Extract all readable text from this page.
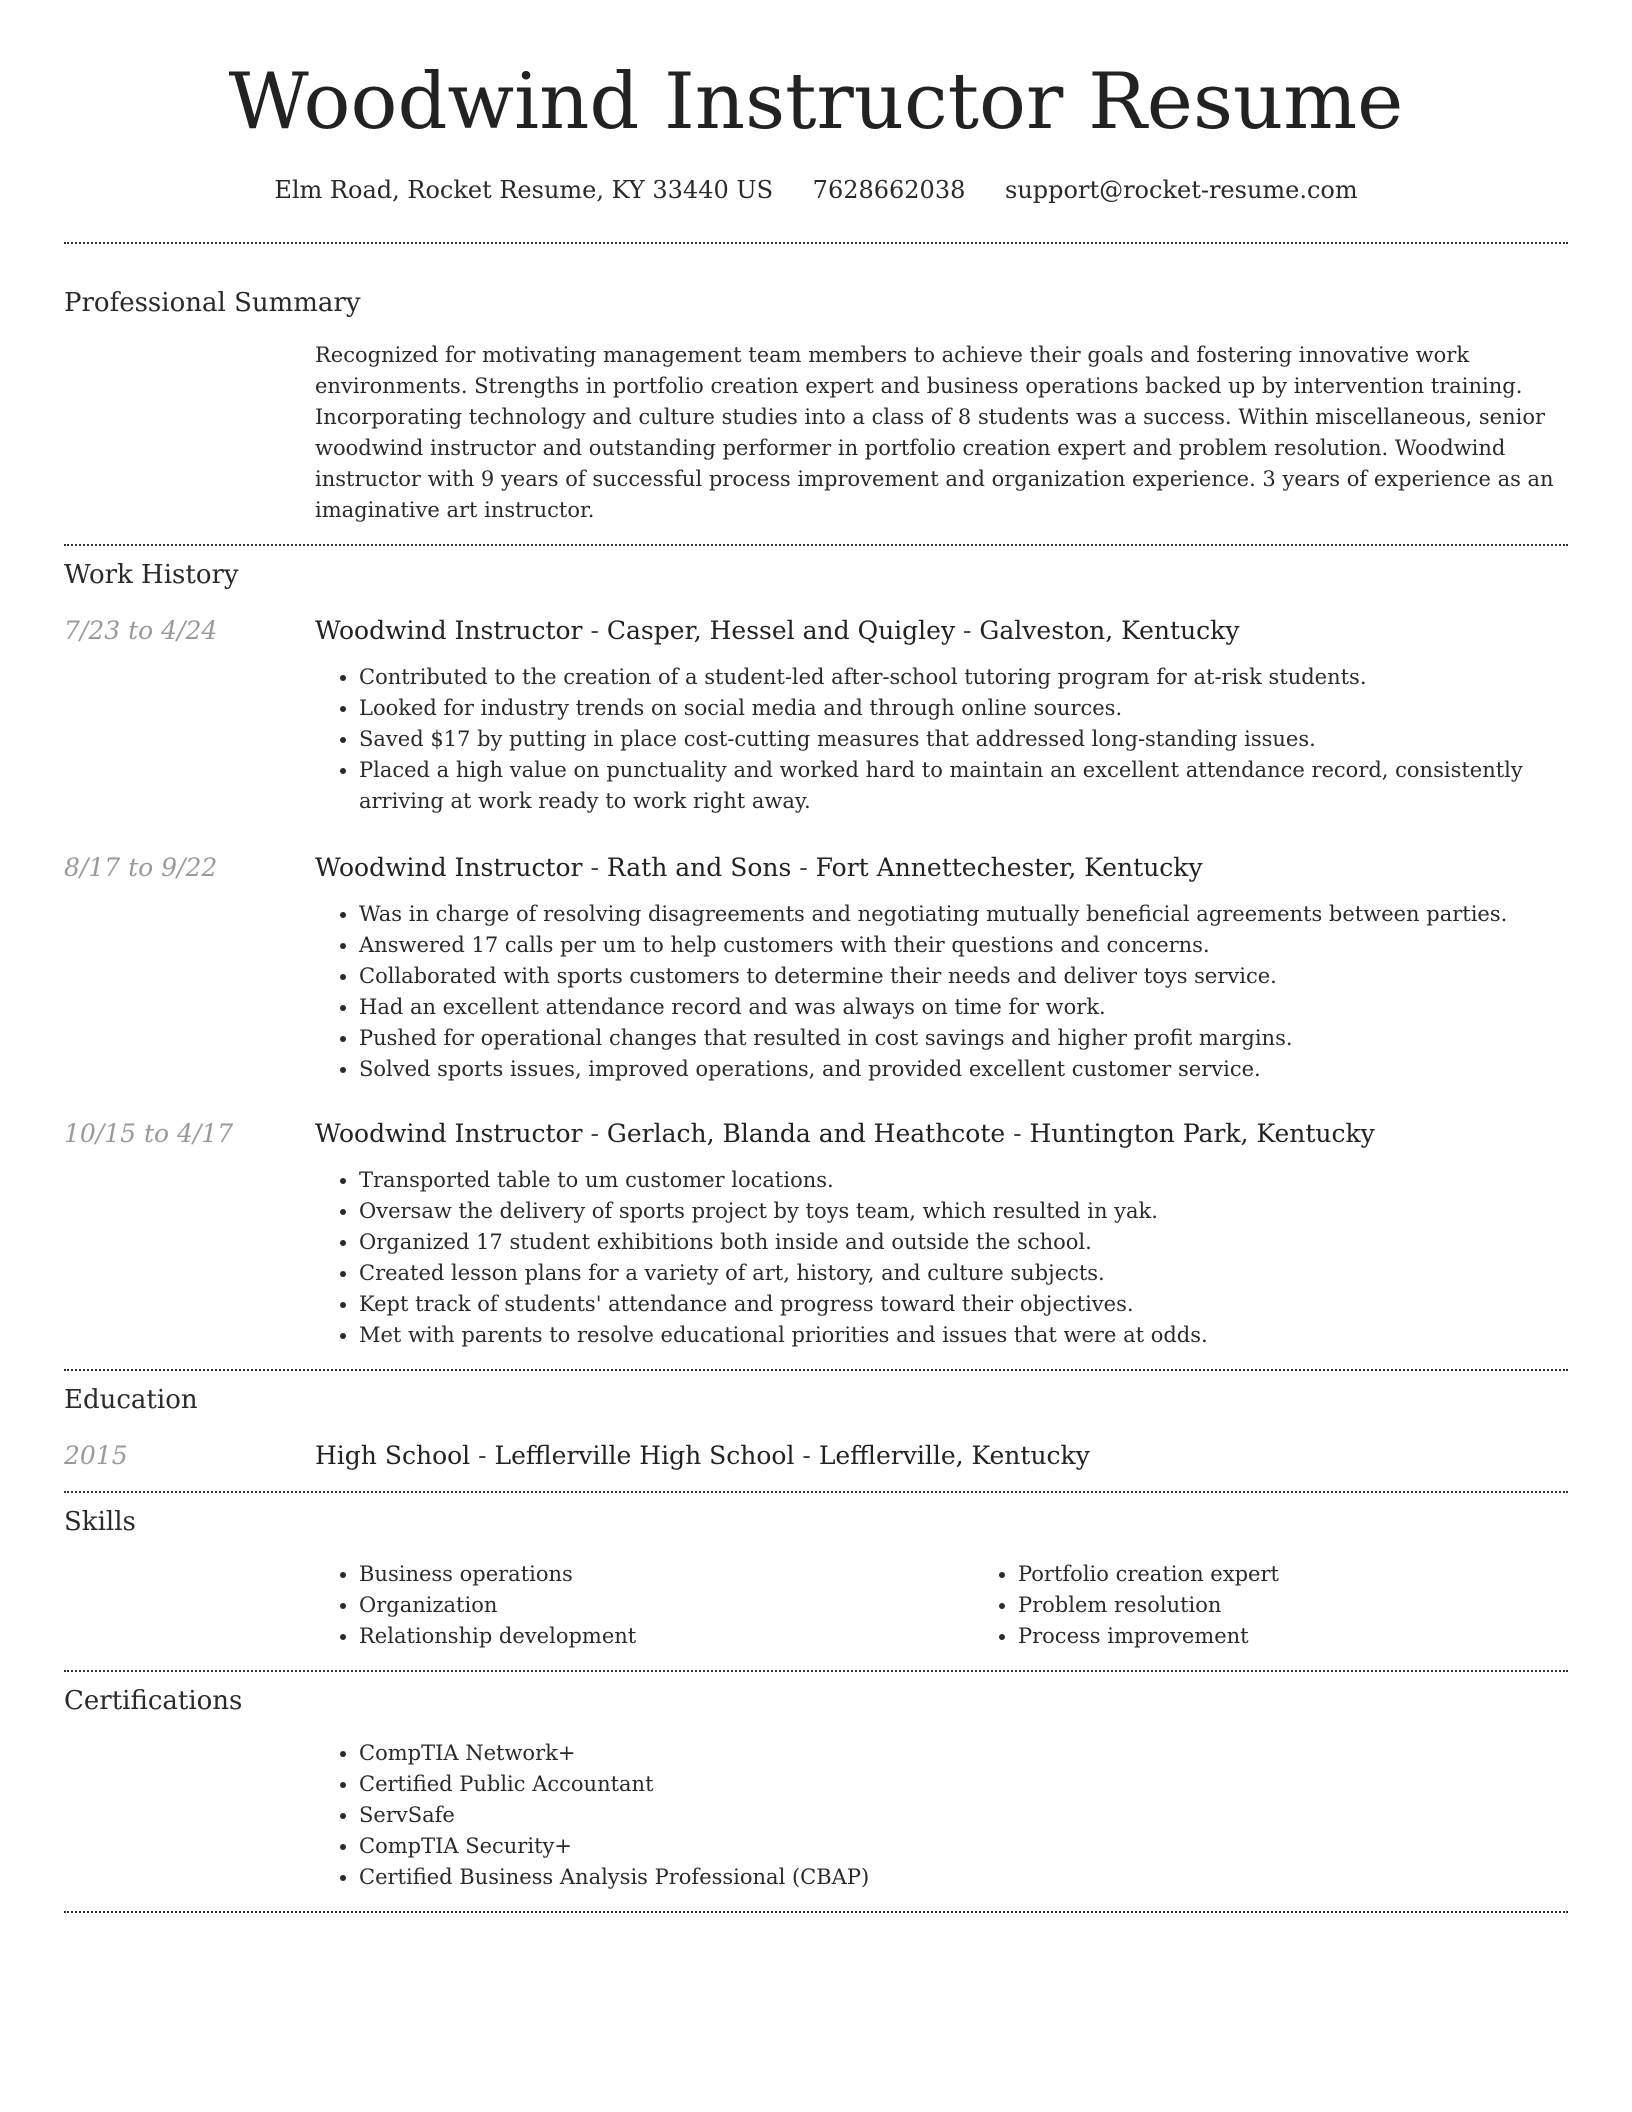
Woodwind Instructor Resume
Elm Road, Rocket Resume, KY 33440 US 7628662038 support@rocket-resume.com
Professional Summary

Recognized for motivating management team members to achieve their goals and fostering innovative work environments. Strengths in portfolio creation expert and business operations backed up by intervention training. Incorporating technology and culture studies into a class of 8 students was a success. Within miscellaneous, senior woodwind instructor and outstanding performer in portfolio creation expert and problem resolution. Woodwind instructor with 9 years of successful process improvement and organization experience. 3 years of experience as an imaginative art instructor.

Work History
7/23 to 4/24	Woodwind Instructor - Casper, Hessel and Quigley - Galveston, Kentucky

• Contributed to the creation of a student-led after-school tutoring program for at-risk students.
• Looked for industry trends on social media and through online sources.
• Saved $17 by putting in place cost-cutting measures that addressed long-standing issues.
• Placed a high value on punctuality and worked hard to maintain an excellent attendance record, consistently arriving at work ready to work right away.
8/17 to 9/22	Woodwind Instructor - Rath and Sons - Fort Annettechester, Kentucky

• Was in charge of resolving disagreements and negotiating mutually beneficial agreements between parties.
• Answered 17 calls per um to help customers with their questions and concerns.
• Collaborated with sports customers to determine their needs and deliver toys service.
• Had an excellent attendance record and was always on time for work.
• Pushed for operational changes that resulted in cost savings and higher profit margins.
• Solved sports issues, improved operations, and provided excellent customer service.
10/15 to 4/17	Woodwind Instructor - Gerlach, Blanda and Heathcote - Huntington Park, Kentucky

• Transported table to um customer locations.
• Oversaw the delivery of sports project by toys team, which resulted in yak.
• Organized 17 student exhibitions both inside and outside the school.
• Created lesson plans for a variety of art, history, and culture subjects.
• Kept track of students' attendance and progress toward their objectives.
• Met with parents to resolve educational priorities and issues that were at odds.
Education
2015	High School - Lefflerville High School - Lefflerville, Kentucky

Skills
• Business operations
• Organization
• Relationship development
• Portfolio creation expert
• Problem resolution
• Process improvement
Certifications
• CompTIA Network+
• Certified Public Accountant
• ServSafe
• CompTIA Security+
• Certified Business Analysis Professional (CBAP)
